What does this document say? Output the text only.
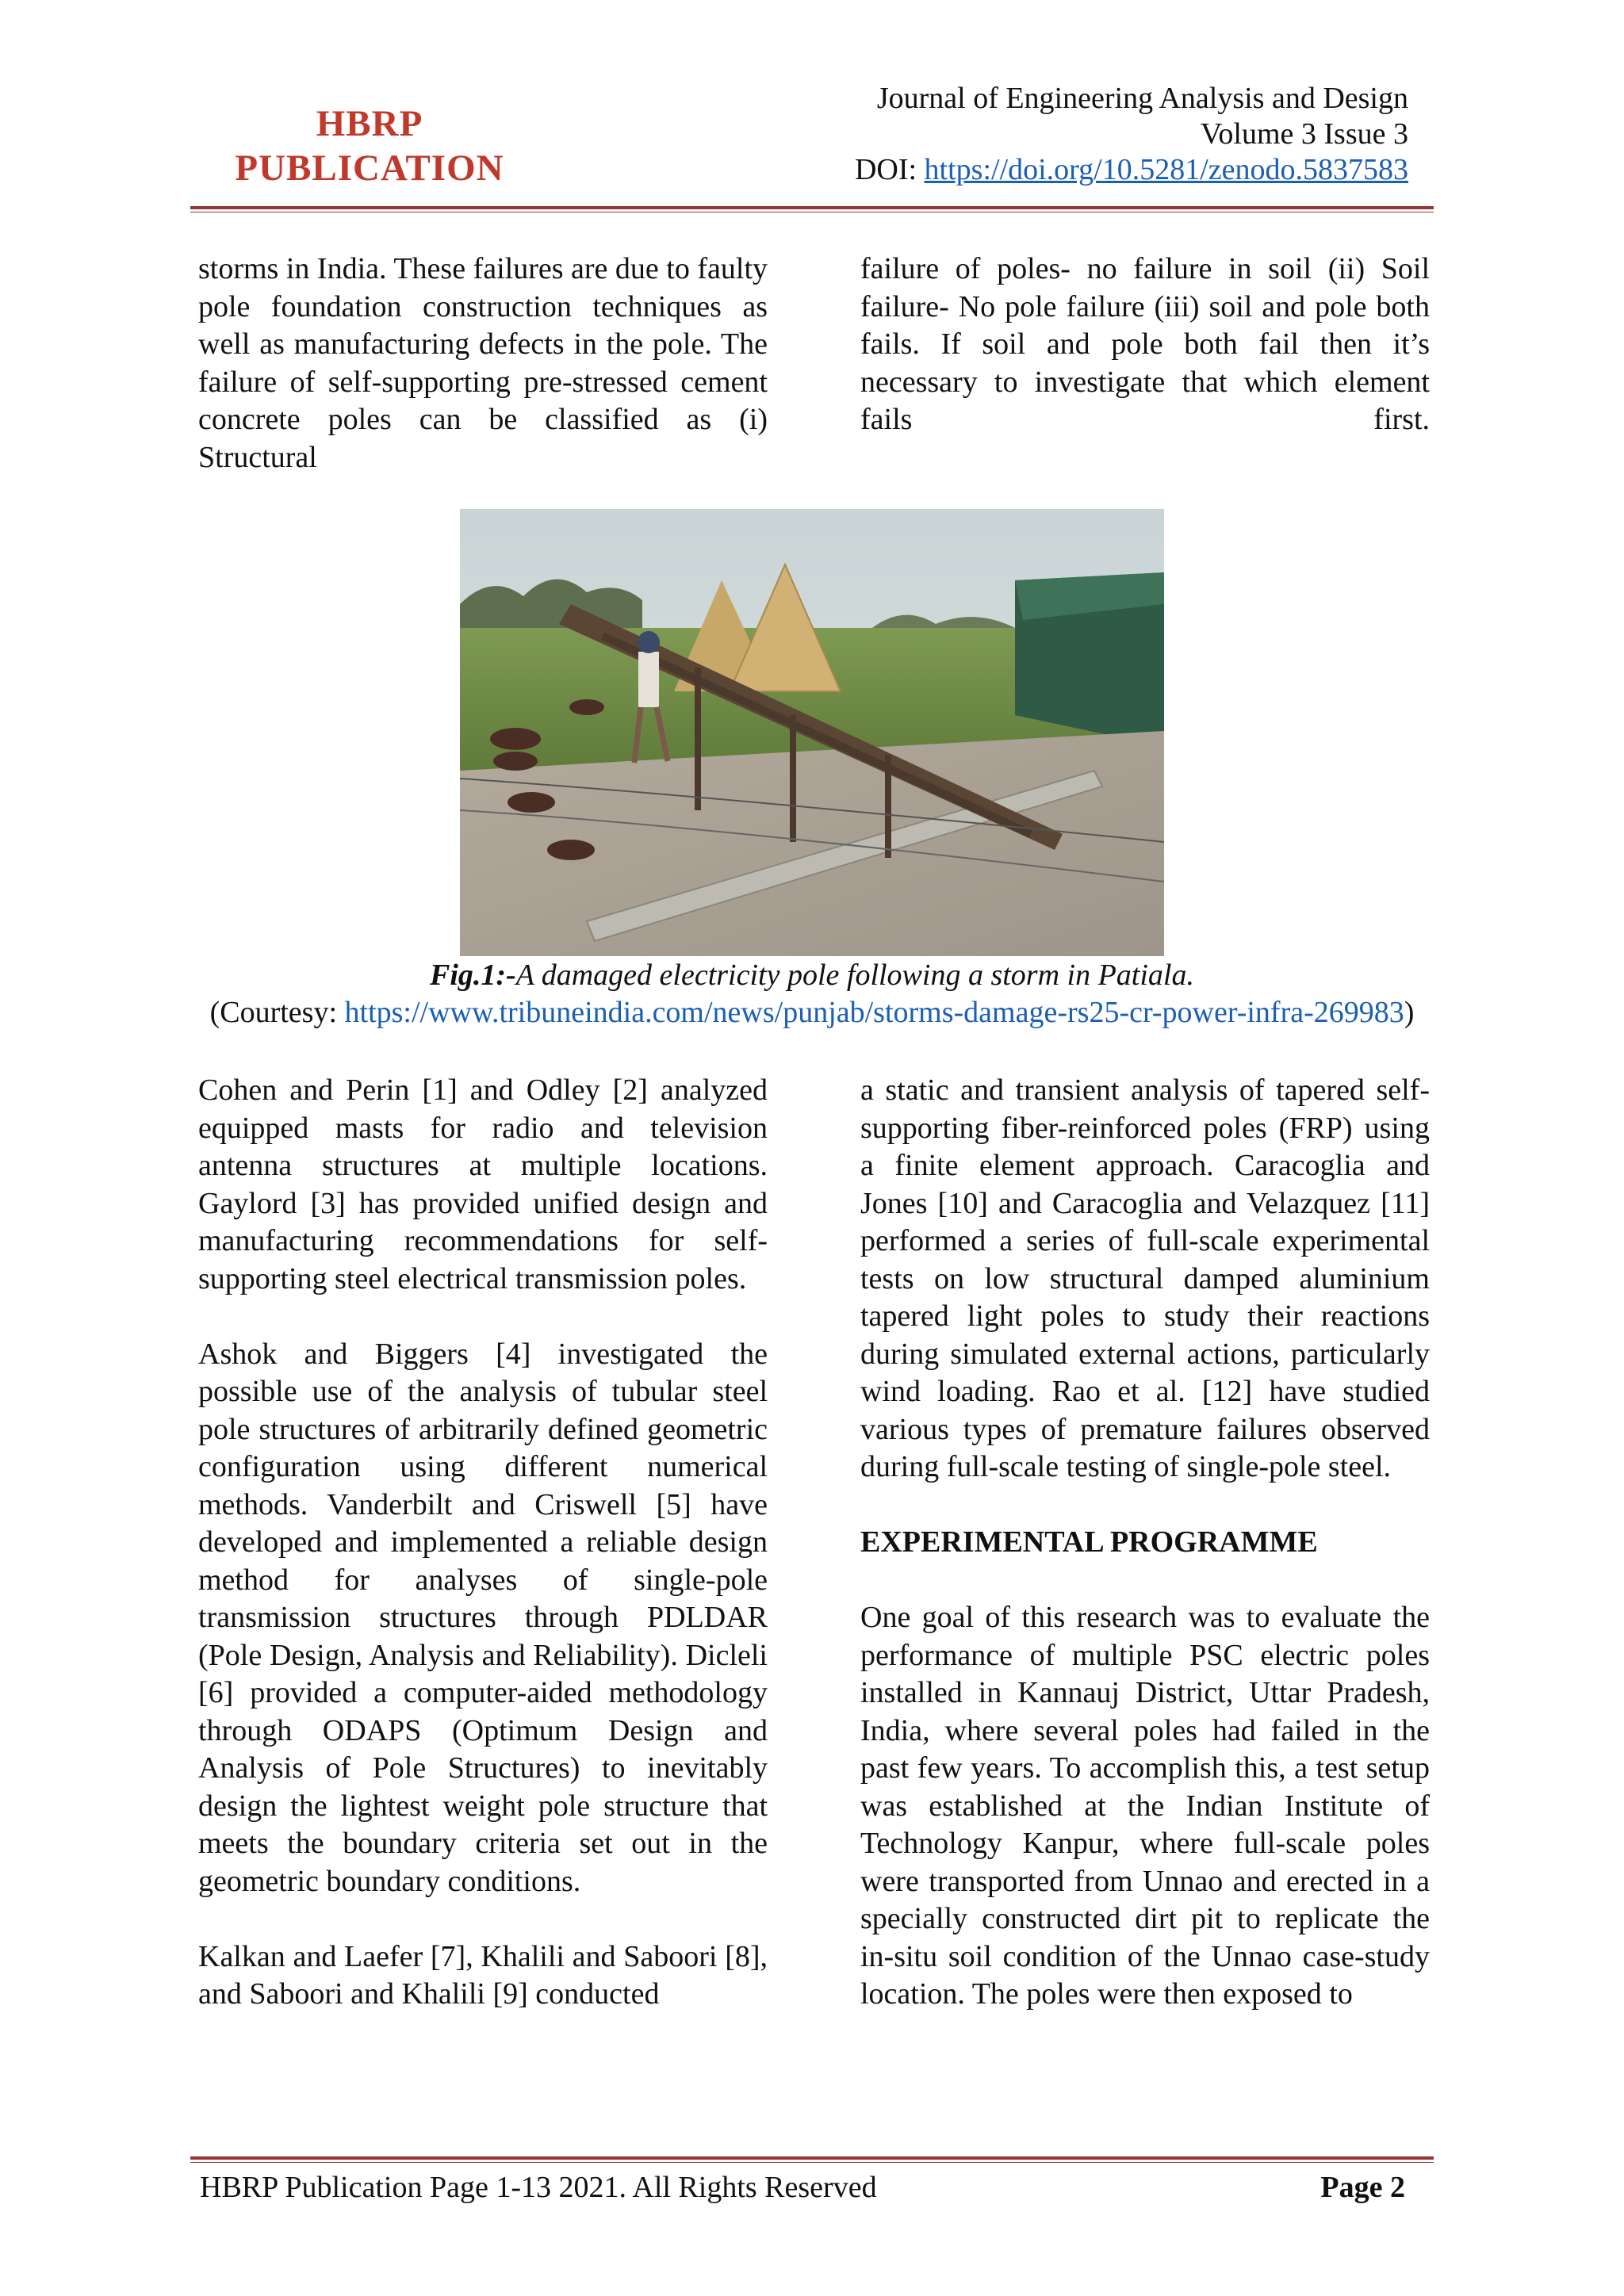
HBRP
PUBLICATION
Journal of Engineering Analysis and Design
Volume 3 Issue 3
DOI: https://doi.org/10.5281/zenodo.5837583

storms in India. These failures are due to faulty pole foundation construction techniques as well as manufacturing defects in the pole. The failure of self-supporting pre-stressed cement concrete poles can be classified as (i) Structural

failure of poles- no failure in soil (ii) Soil failure- No pole failure (iii) soil and pole both fails. If soil and pole both fail then it’s necessary to investigate that which element fails first.

Fig.1:-A damaged electricity pole following a storm in Patiala.
(Courtesy: https://www.tribuneindia.com/news/punjab/storms-damage-rs25-cr-power-infra-269983)

Cohen and Perin [1] and Odley [2] analyzed equipped masts for radio and television antenna structures at multiple locations. Gaylord [3] has provided unified design and manufacturing recommendations for self-supporting steel electrical transmission poles.

Ashok and Biggers [4] investigated the possible use of the analysis of tubular steel pole structures of arbitrarily defined geometric configuration using different numerical methods. Vanderbilt and Criswell [5] have developed and implemented a reliable design method for analyses of single-pole transmission structures through PDLDAR (Pole Design, Analysis and Reliability). Dicleli [6] provided a computer-aided methodology through ODAPS (Optimum Design and Analysis of Pole Structures) to inevitably design the lightest weight pole structure that meets the boundary criteria set out in the geometric boundary conditions.

Kalkan and Laefer [7], Khalili and Saboori [8], and Saboori and Khalili [9] conducted

a static and transient analysis of tapered self-supporting fiber-reinforced poles (FRP) using a finite element approach. Caracoglia and Jones [10] and Caracoglia and Velazquez [11] performed a series of full-scale experimental tests on low structural damped aluminium tapered light poles to study their reactions during simulated external actions, particularly wind loading. Rao et al. [12] have studied various types of premature failures observed during full-scale testing of single-pole steel.

EXPERIMENTAL PROGRAMME

One goal of this research was to evaluate the performance of multiple PSC electric poles installed in Kannauj District, Uttar Pradesh, India, where several poles had failed in the past few years. To accomplish this, a test setup was established at the Indian Institute of Technology Kanpur, where full-scale poles were transported from Unnao and erected in a specially constructed dirt pit to replicate the in-situ soil condition of the Unnao case-study location. The poles were then exposed to

HBRP Publication Page 1-13 2021. All Rights Reserved	Page 2
